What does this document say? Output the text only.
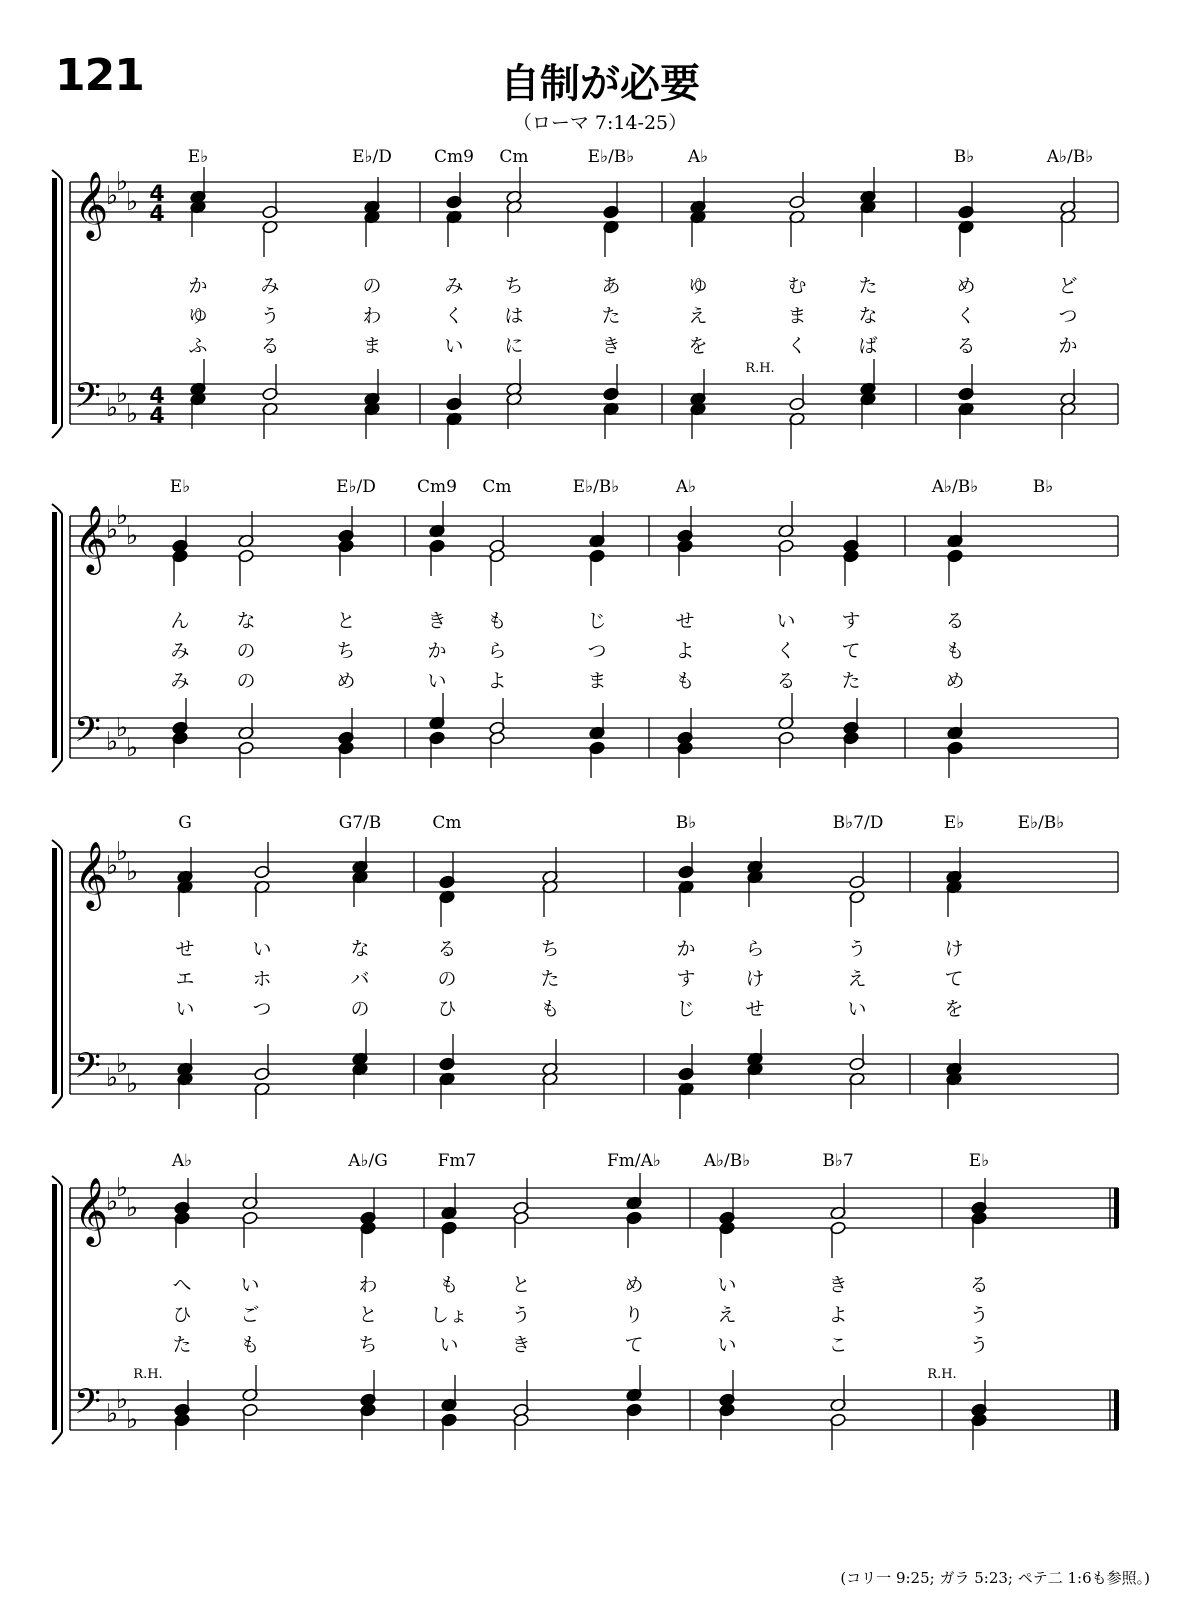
121	自制が必要
（ローマ 7:14-25）
𝄞
𝄢
♭
♭
♭
♭
♭
♭
4
4
4
4
E♭	E♭/D Cm9 Cm	E♭/B♭	A♭	B♭	A♭/B♭
か	み	の	み ち	あ	ゆ	む	た	め	ど
ゆ	う	わ	く は	た	え	ま	な	く	つ
ふ	る	ま	い に	き	を	く	ば	る	か
R.H.
𝄞
𝄢
♭
♭
♭
♭
♭
♭
E♭	E♭/D Cm9 Cm	E♭/B♭	A♭	A♭/B♭	B♭
ん な	と	き も	じ	せ	い す	る
み の	ち	か ら	つ	よ	く て	も
み の	め	い よ	ま	も	る た	め
𝄞
𝄢
♭
♭
♭
♭
♭
♭
G	G7/B	Cm	B♭	B♭7/D	E♭	E♭/B♭
せ	い	な	る	ち	か	ら	う	け
エ	ホ	バ	の	た	す	け	え	て
い	つ	の	ひ	も	じ	せ	い	を
𝄞
𝄢
♭
♭
♭
♭
♭
♭
A♭	A♭/G	Fm7	Fm/A♭	A♭/B♭	B♭7	E♭
へ	い	わ	も	と	め	い	き	る
ひ	ご	と	しょ う	り	え	よ	う
た	も	ち	い	き	て	い	こ	う
R.H.	R.H.
(コリ一 9:25; ガラ 5:23; ペテ二 1:6も参照。)
